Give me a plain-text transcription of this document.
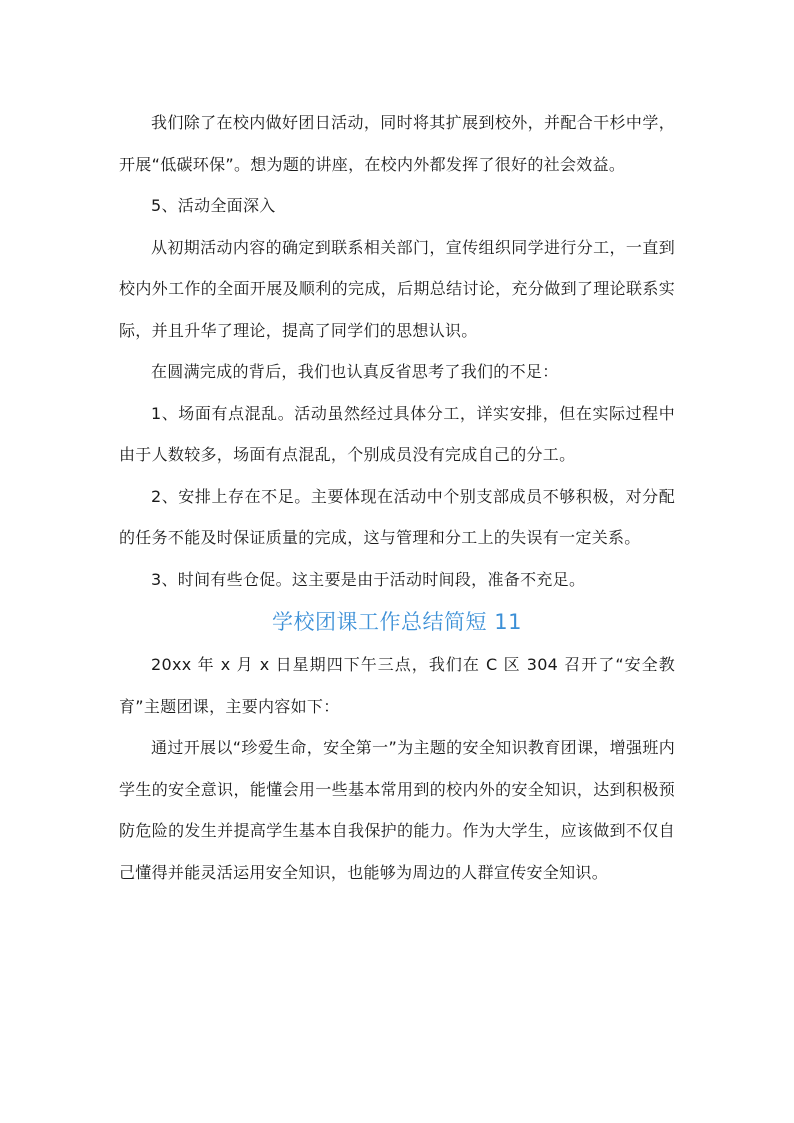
我们除了在校内做好团日活动，同时将其扩展到校外，并配合干杉中学，开展“低碳环保”。想为题的讲座，在校内外都发挥了很好的社会效益。

5、活动全面深入

从初期活动内容的确定到联系相关部门，宣传组织同学进行分工，一直到校内外工作的全面开展及顺利的完成，后期总结讨论，充分做到了理论联系实际，并且升华了理论，提高了同学们的思想认识。

在圆满完成的背后，我们也认真反省思考了我们的不足：

1、场面有点混乱。活动虽然经过具体分工，详实安排，但在实际过程中由于人数较多，场面有点混乱，个别成员没有完成自己的分工。

2、安排上存在不足。主要体现在活动中个别支部成员不够积极，对分配的任务不能及时保证质量的完成，这与管理和分工上的失误有一定关系。

3、时间有些仓促。这主要是由于活动时间段，准备不充足。

学校团课工作总结简短 11

20xx 年 x 月 x 日星期四下午三点，我们在 C 区 304 召开了“安全教育”主题团课，主要内容如下：

通过开展以“珍爱生命，安全第一”为主题的安全知识教育团课，增强班内学生的安全意识，能懂会用一些基本常用到的校内外的安全知识，达到积极预防危险的发生并提高学生基本自我保护的能力。作为大学生，应该做到不仅自己懂得并能灵活运用安全知识，也能够为周边的人群宣传安全知识。
